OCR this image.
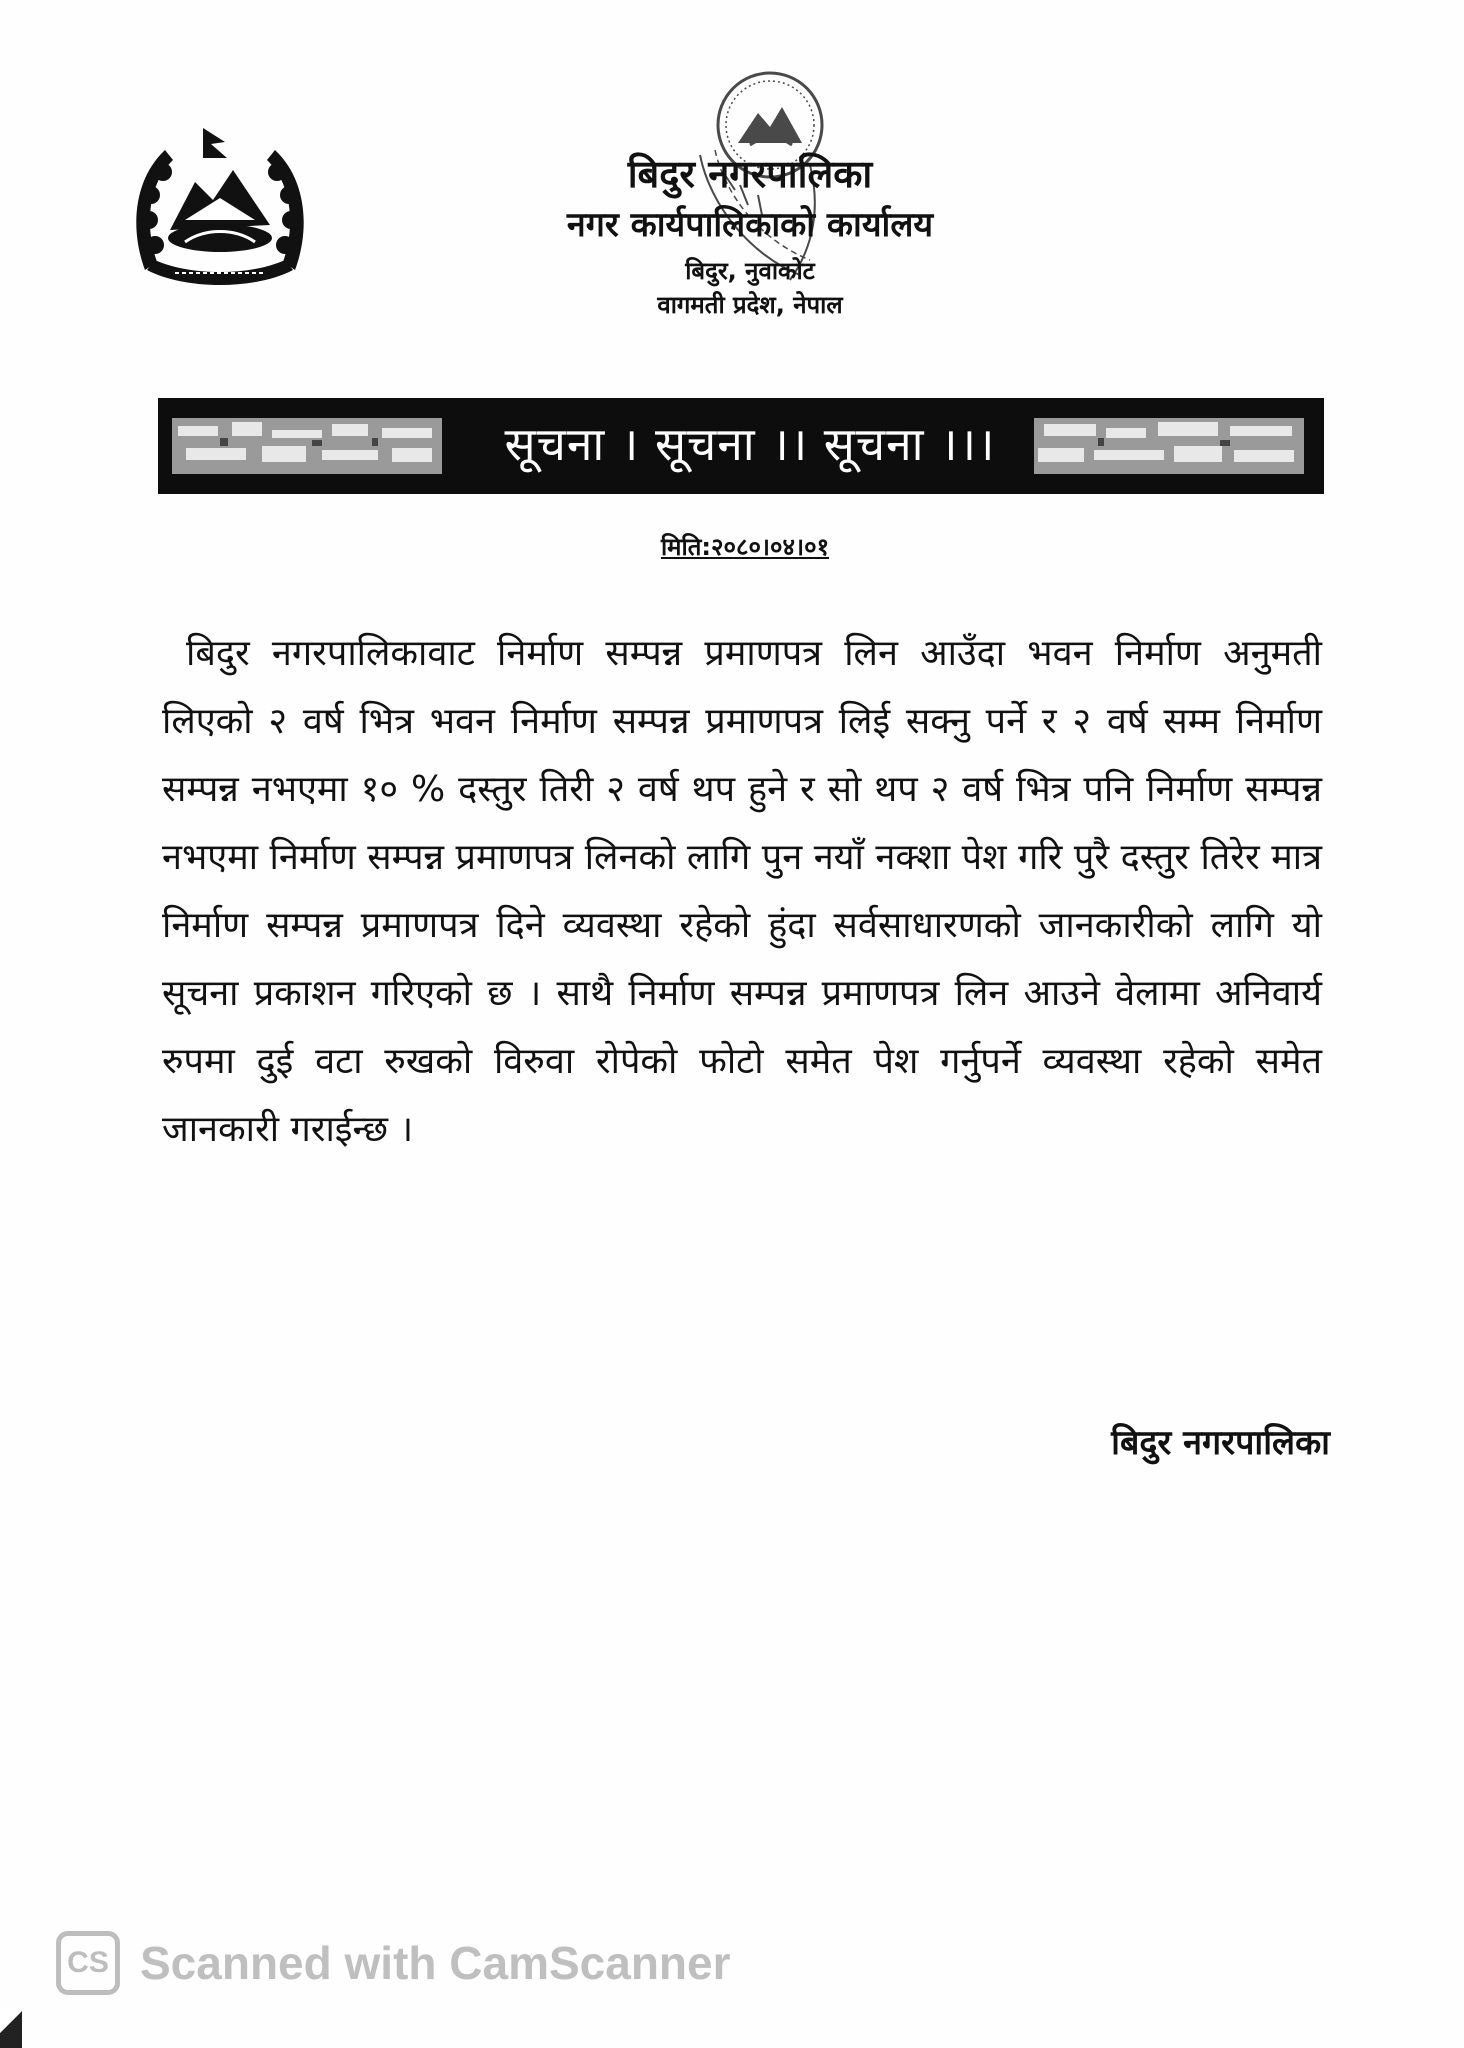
बिदुर नगरपालिका
नगर कार्यपालिकाको कार्यालय
बिदुर, नुवाकोट
वागमती प्रदेश, नेपाल
सूचना । सूचना ।। सूचना ।।।
मिति:२०८०।०४।०१
बिदुर नगरपालिकावाट निर्माण सम्पन्न प्रमाणपत्र लिन आउँदा भवन निर्माण अनुमती लिएको २ वर्ष भित्र भवन निर्माण सम्पन्न प्रमाणपत्र लिई सक्नु पर्ने र २ वर्ष सम्म निर्माण सम्पन्न नभएमा १० % दस्तुर तिरी २ वर्ष थप हुने र सो थप २ वर्ष भित्र पनि निर्माण सम्पन्न नभएमा निर्माण सम्पन्न प्रमाणपत्र लिनको लागि पुन नयाँ नक्शा पेश गरि पुरै दस्तुर तिरेर मात्र निर्माण सम्पन्न प्रमाणपत्र दिने व्यवस्था रहेको हुंदा सर्वसाधारणको जानकारीको लागि यो सूचना प्रकाशन गरिएको छ । साथै निर्माण सम्पन्न प्रमाणपत्र लिन आउने वेलामा अनिवार्य रुपमा दुई वटा रुखको विरुवा रोपेको फोटो समेत पेश गर्नुपर्ने व्यवस्था रहेको समेत जानकारी गराईन्छ ।
बिदुर नगरपालिका
CS Scanned with CamScanner
